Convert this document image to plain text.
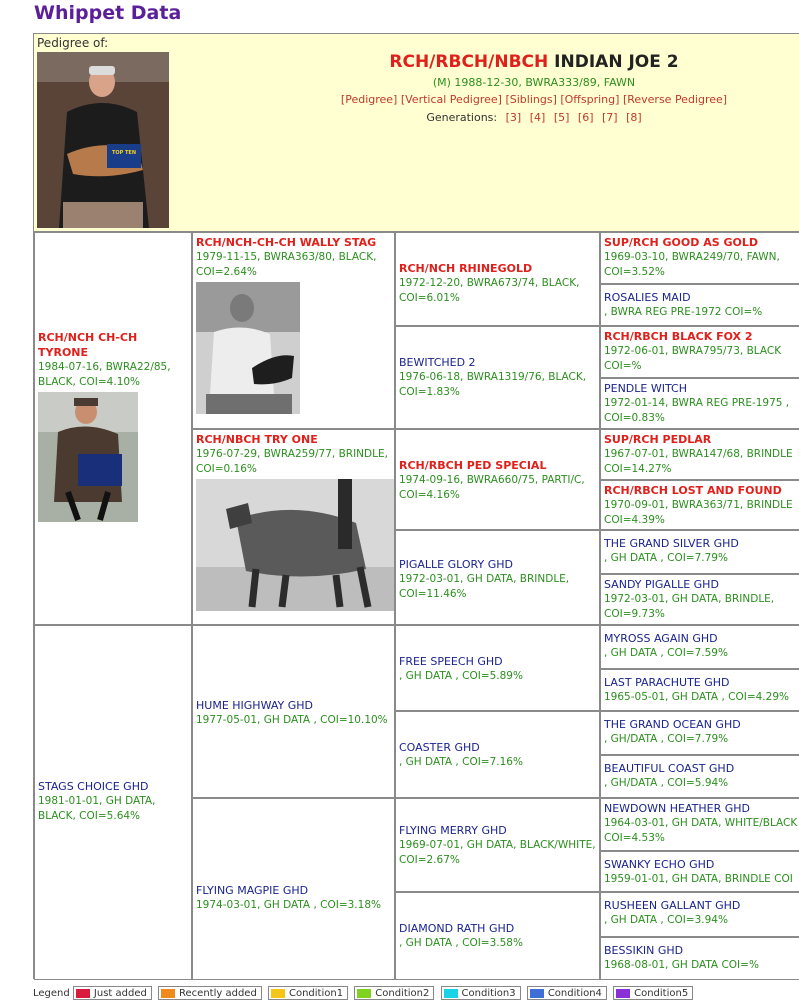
Whippet Data
Pedigree of:
TOP TEN
RCH/RBCH/NBCH INDIAN JOE 2
(M) 1988-12-30, BWRA333/89, FAWN
[Pedigree] [Vertical Pedigree] [Siblings] [Offspring] [Reverse Pedigree]
Generations: [3] [4] [5] [6] [7] [8]
RCH/NCH CH-CH TYRONE
1984-07-16, BWRA22/85, BLACK, COI=4.10%
STAGS CHOICE GHD
1981-01-01, GH DATA, BLACK, COI=5.64%
RCH/NCH-CH-CH WALLY STAG
1979-11-15, BWRA363/80, BLACK, COI=2.64%
RCH/NBCH TRY ONE
1976-07-29, BWRA259/77, BRINDLE, COI=0.16%
HUME HIGHWAY GHD
1977-05-01, GH DATA , COI=10.10%
FLYING MAGPIE GHD
1974-03-01, GH DATA , COI=3.18%
RCH/NCH RHINEGOLD
1972-12-20, BWRA673/74, BLACK, COI=6.01%
BEWITCHED 2
1976-06-18, BWRA1319/76, BLACK, COI=1.83%
RCH/RBCH PED SPECIAL
1974-09-16, BWRA660/75, PARTI/C, COI=4.16%
PIGALLE GLORY GHD
1972-03-01, GH DATA, BRINDLE, COI=11.46%
FREE SPEECH GHD
, GH DATA , COI=5.89%
COASTER GHD
, GH DATA , COI=7.16%
FLYING MERRY GHD
1969-07-01, GH DATA, BLACK/WHITE, COI=2.67%
DIAMOND RATH GHD
, GH DATA , COI=3.58%
SUP/RCH GOOD AS GOLD
1969-03-10, BWRA249/70, FAWN, COI=3.52%
ROSALIES MAID
, BWRA REG PRE-1972 COI=%
RCH/RBCH BLACK FOX 2
1972-06-01, BWRA795/73, BLACK COI=%
PENDLE WITCH
1972-01-14, BWRA REG PRE-1975 , COI=0.83%
SUP/RCH PEDLAR
1967-07-01, BWRA147/68, BRINDLE COI=14.27%
RCH/RBCH LOST AND FOUND
1970-09-01, BWRA363/71, BRINDLE COI=4.39%
THE GRAND SILVER GHD
, GH DATA , COI=7.79%
SANDY PIGALLE GHD
1972-03-01, GH DATA, BRINDLE, COI=9.73%
MYROSS AGAIN GHD
, GH DATA , COI=7.59%
LAST PARACHUTE GHD
1965-05-01, GH DATA , COI=4.29%
THE GRAND OCEAN GHD
, GH/DATA , COI=7.79%
BEAUTIFUL COAST GHD
, GH/DATA , COI=5.94%
NEWDOWN HEATHER GHD
1964-03-01, GH DATA, WHITE/BLACK COI=4.53%
SWANKY ECHO GHD
1959-01-01, GH DATA, BRINDLE COI
RUSHEEN GALLANT GHD
, GH DATA , COI=3.94%
BESSIKIN GHD
1968-08-01, GH DATA COI=%
Legend Just added	Recently added	Condition1	Condition2	Condition3	Condition4	Condition5
